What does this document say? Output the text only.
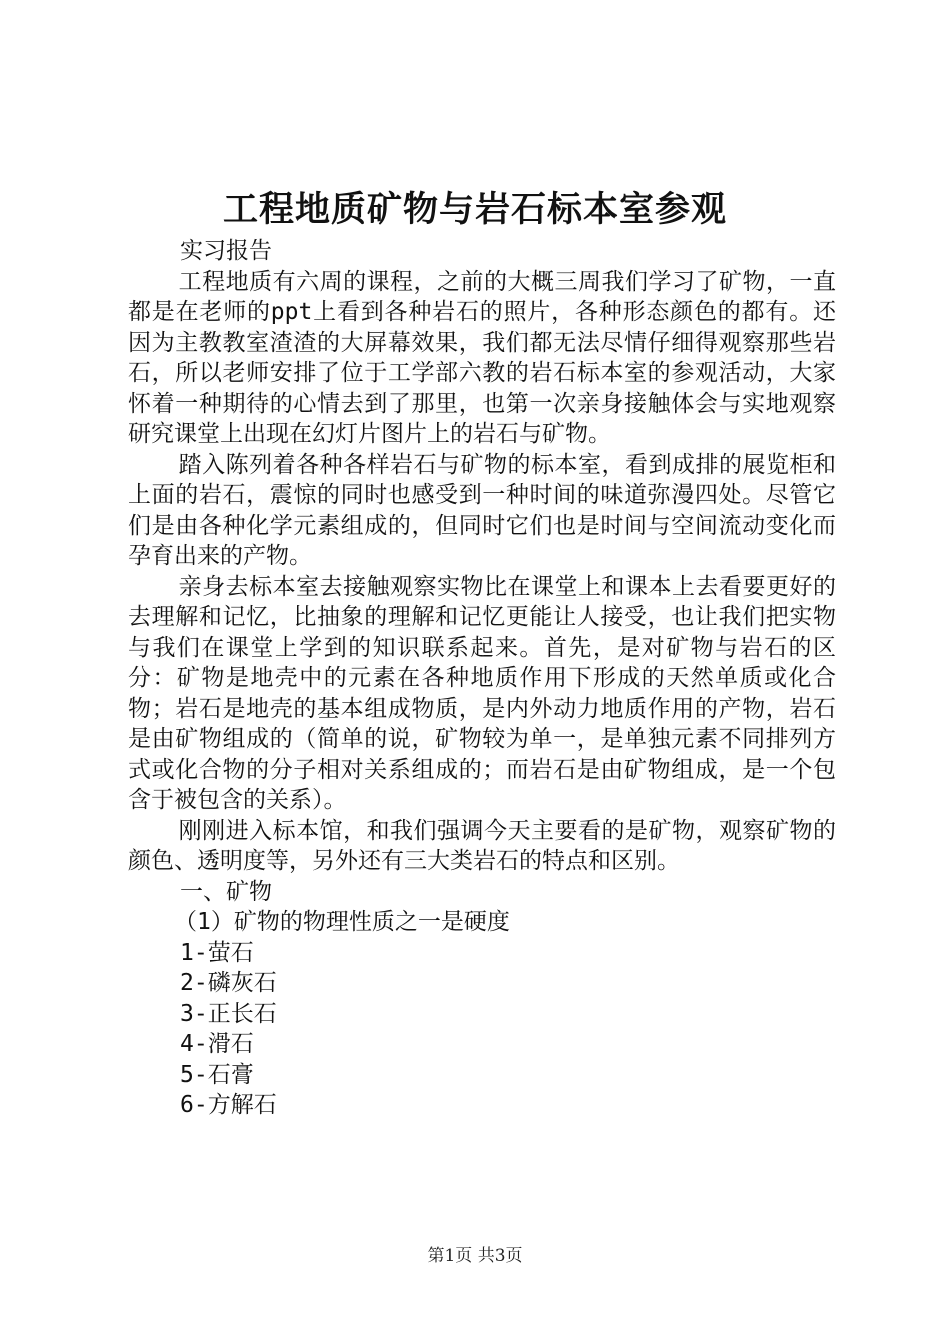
工程地质矿物与岩石标本室参观

实习报告

工程地质有六周的课程，之前的大概三周我们学习了矿物，一直都是在老师的ppt上看到各种岩石的照片，各种形态颜色的都有。还因为主教教室渣渣的大屏幕效果，我们都无法尽情仔细得观察那些岩石，所以老师安排了位于工学部六教的岩石标本室的参观活动，大家怀着一种期待的心情去到了那里，也第一次亲身接触体会与实地观察研究课堂上出现在幻灯片图片上的岩石与矿物。

踏入陈列着各种各样岩石与矿物的标本室，看到成排的展览柜和上面的岩石，震惊的同时也感受到一种时间的味道弥漫四处。尽管它们是由各种化学元素组成的，但同时它们也是时间与空间流动变化而孕育出来的产物。

亲身去标本室去接触观察实物比在课堂上和课本上去看要更好的去理解和记忆，比抽象的理解和记忆更能让人接受，也让我们把实物与我们在课堂上学到的知识联系起来。首先，是对矿物与岩石的区分：矿物是地壳中的元素在各种地质作用下形成的天然单质或化合物；岩石是地壳的基本组成物质，是内外动力地质作用的产物，岩石是由矿物组成的（简单的说，矿物较为单一，是单独元素不同排列方式或化合物的分子相对关系组成的；而岩石是由矿物组成，是一个包含于被包含的关系）。

刚刚进入标本馆，和我们强调今天主要看的是矿物，观察矿物的颜色、透明度等，另外还有三大类岩石的特点和区别。

一、矿物

（1）矿物的物理性质之一是硬度

1-萤石

2-磷灰石

3-正长石

4-滑石

5-石膏

6-方解石

第1页 共3页
